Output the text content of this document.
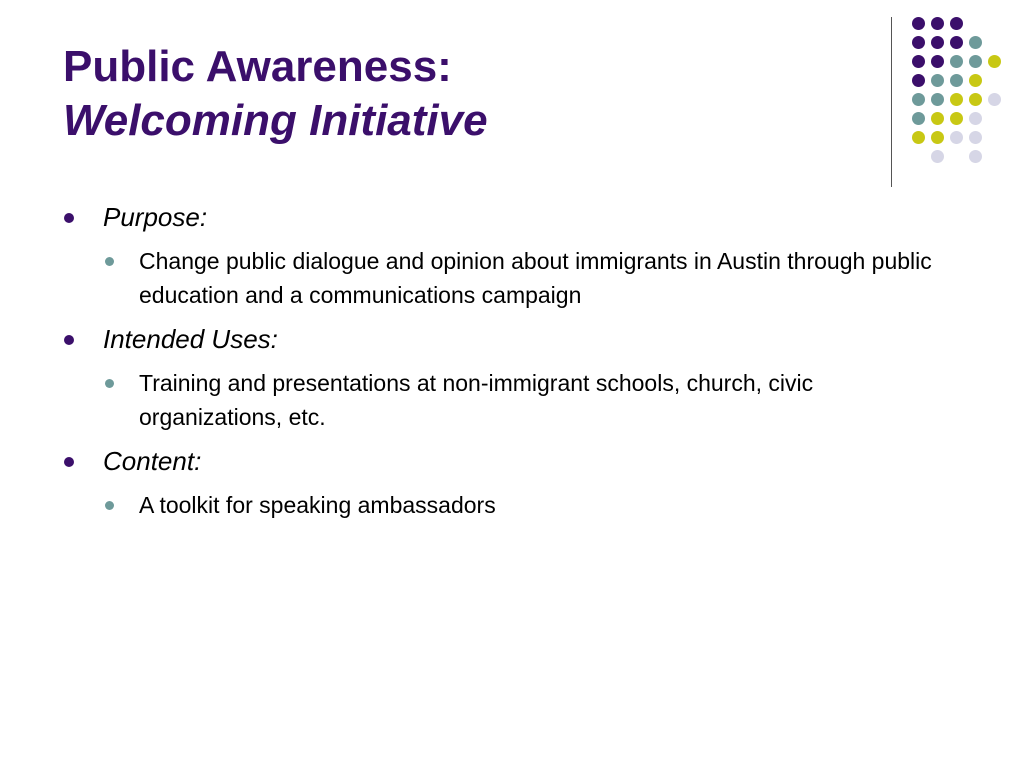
Public Awareness:
Welcoming Initiative
Purpose:
Change public dialogue and opinion about immigrants in Austin through public education and a communications campaign
Intended Uses:
Training and presentations at non-immigrant schools, church, civic organizations, etc.
Content:
A toolkit for speaking ambassadors
